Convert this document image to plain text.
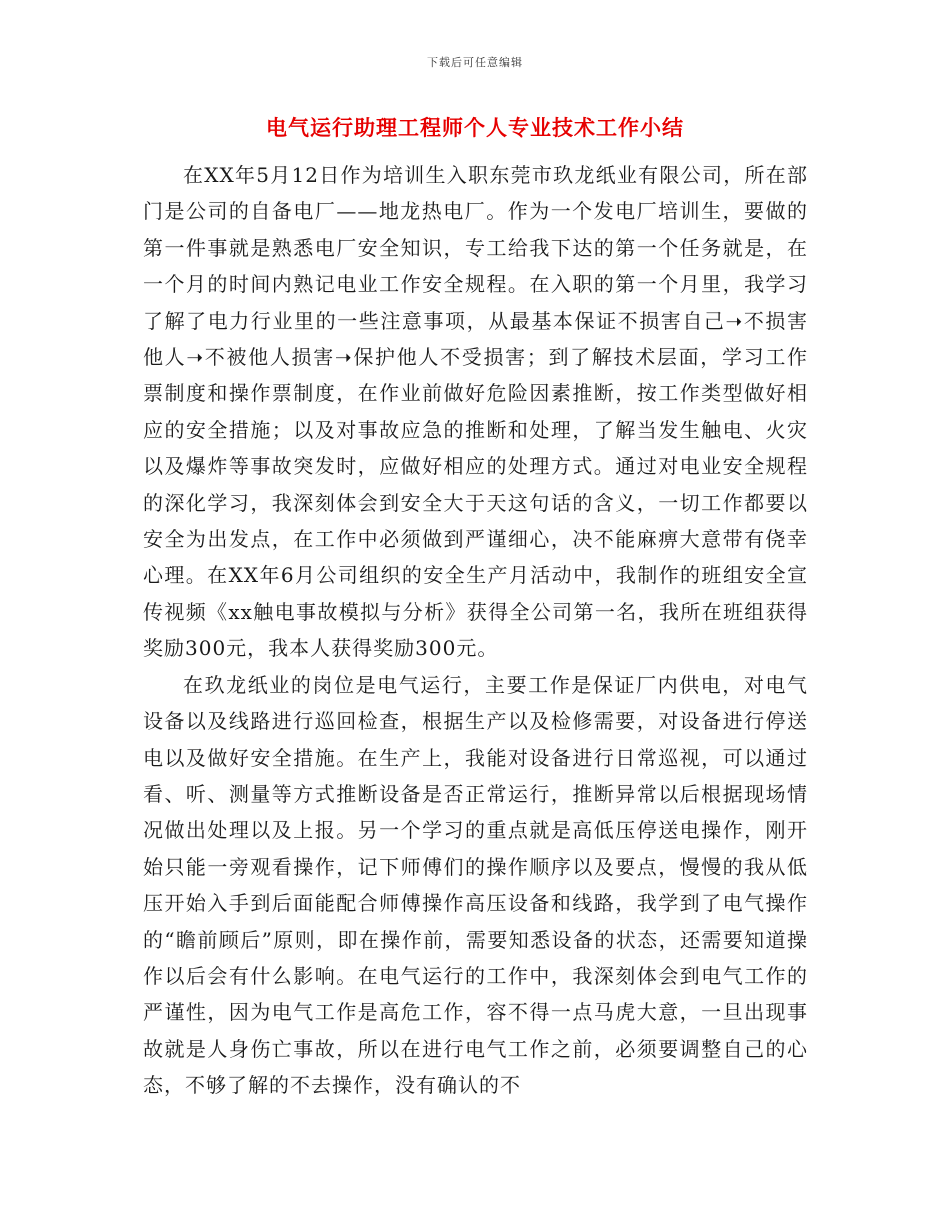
下载后可任意编辑
电气运行助理工程师个人专业技术工作小结

在XX年5月12日作为培训生入职东莞市玖龙纸业有限公司，所在部门是公司的自备电厂——地龙热电厂。作为一个发电厂培训生，要做的第一件事就是熟悉电厂安全知识，专工给我下达的第一个任务就是，在一个月的时间内熟记电业工作安全规程。在入职的第一个月里，我学习了解了电力行业里的一些注意事项，从最基本保证不损害自己➝不损害他人➝不被他人损害➝保护他人不受损害；到了解技术层面，学习工作票制度和操作票制度，在作业前做好危险因素推断，按工作类型做好相应的安全措施；以及对事故应急的推断和处理，了解当发生触电、火灾以及爆炸等事故突发时，应做好相应的处理方式。通过对电业安全规程的深化学习，我深刻体会到安全大于天这句话的含义，一切工作都要以安全为出发点，在工作中必须做到严谨细心，决不能麻痹大意带有侥幸心理。在XX年6月公司组织的安全生产月活动中，我制作的班组安全宣传视频《xx触电事故模拟与分析》获得全公司第一名，我所在班组获得奖励300元，我本人获得奖励300元。

在玖龙纸业的岗位是电气运行，主要工作是保证厂内供电，对电气设备以及线路进行巡回检查，根据生产以及检修需要，对设备进行停送电以及做好安全措施。在生产上，我能对设备进行日常巡视，可以通过看、听、测量等方式推断设备是否正常运行，推断异常以后根据现场情况做出处理以及上报。另一个学习的重点就是高低压停送电操作，刚开始只能一旁观看操作，记下师傅们的操作顺序以及要点，慢慢的我从低压开始入手到后面能配合师傅操作高压设备和线路，我学到了电气操作的“瞻前顾后”原则，即在操作前，需要知悉设备的状态，还需要知道操作以后会有什么影响。在电气运行的工作中，我深刻体会到电气工作的严谨性，因为电气工作是高危工作，容不得一点马虎大意，一旦出现事故就是人身伤亡事故，所以在进行电气工作之前，必须要调整自己的心态，不够了解的不去操作，没有确认的不
